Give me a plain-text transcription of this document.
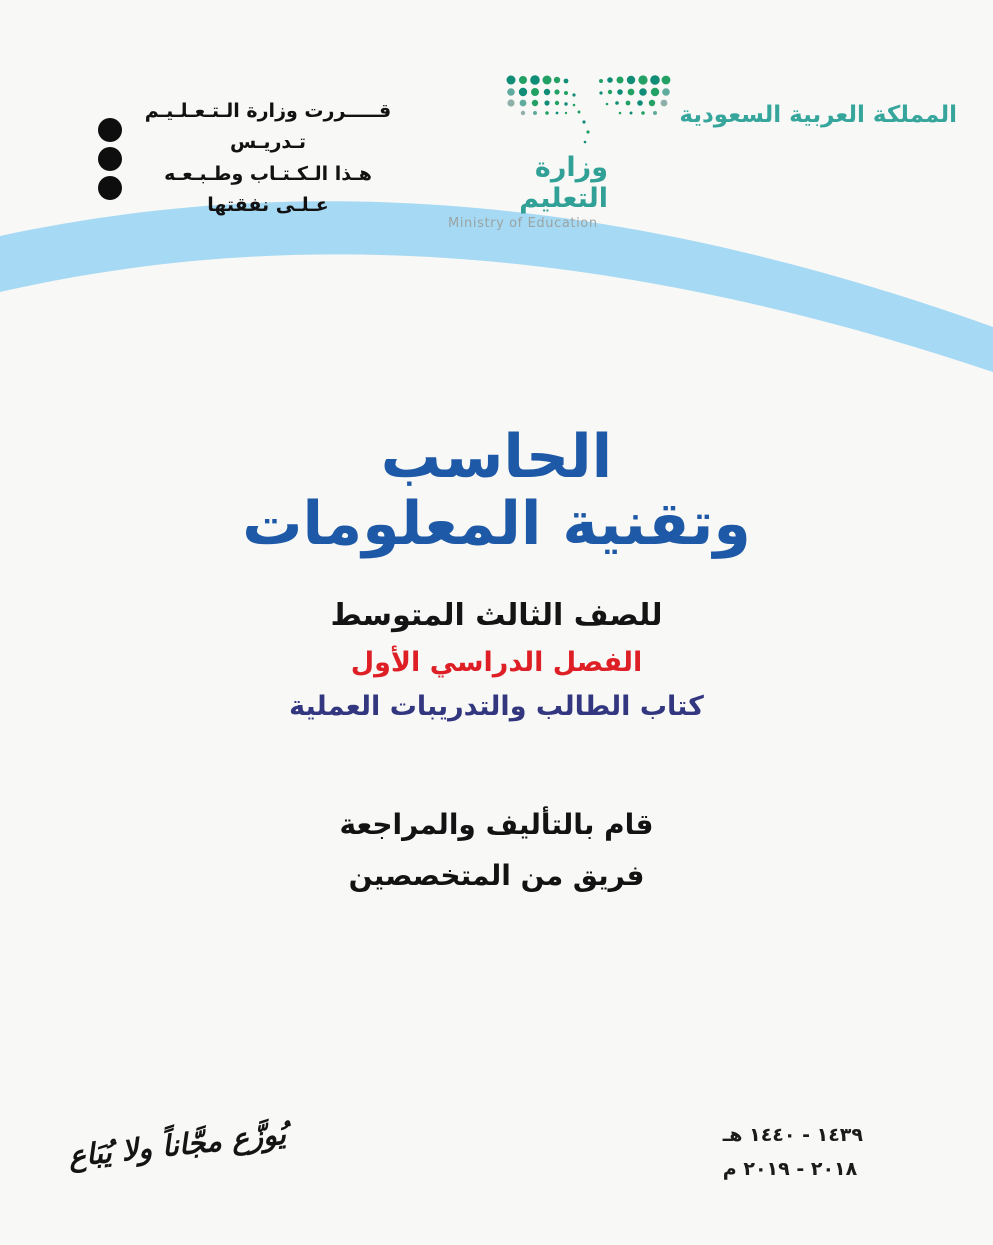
قـــــررت وزارة الـتـعـلـيـم تـدريـس
هـذا الـكـتـاب وطـبـعـه عـلـى نفقتها
وزارة التعليم
Ministry of Education
المملكة العربية السعودية
الحاسب
وتقنية المعلومات
للصف الثالث المتوسط
الفصل الدراسي الأول
كتاب الطالب والتدريبات العملية
قام بالتأليف والمراجعة
فريق من المتخصصين
يُوزَّع مجَّاناً ولا يُبَاع	١٤٣٩ - ١٤٤٠ هـ
٢٠١٨ - ٢٠١٩ م
